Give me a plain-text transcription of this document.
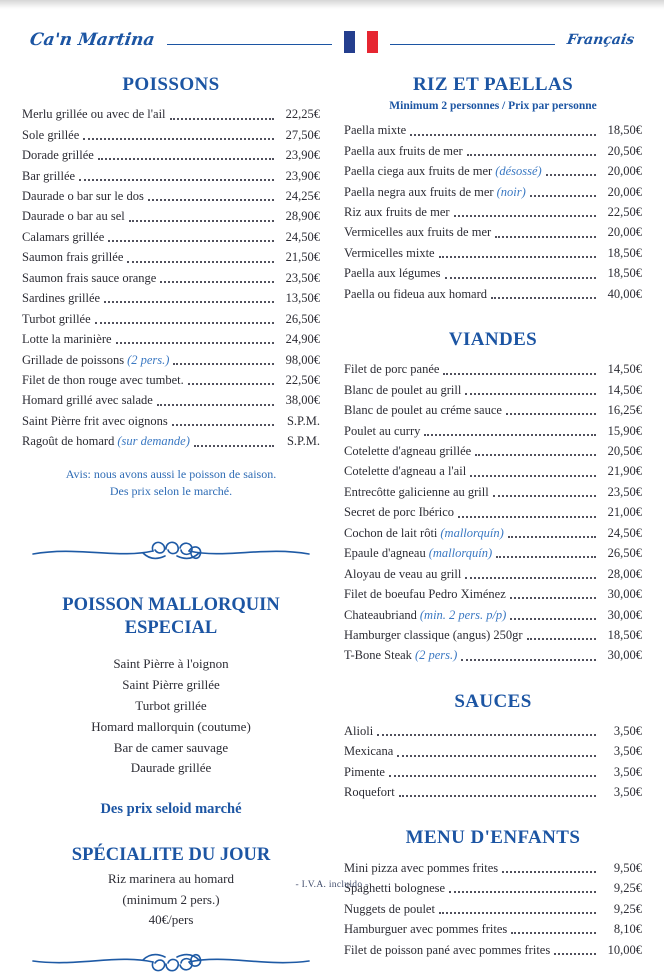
Ca'n Martina	Français
POISSONS
Merlu grillée ou avec de l'ail	22,25€
Sole grillée	27,50€
Dorade grillée	23,90€
Bar grillée	23,90€
Daurade o bar sur le dos	24,25€
Daurade o bar au sel	28,90€
Calamars grillée	24,50€
Saumon frais grillée	21,50€
Saumon frais sauce orange	23,50€
Sardines grillée	13,50€
Turbot grillée	26,50€
Lotte la marinière	24,90€
Grillade de poissons (2 pers.)	98,00€
Filet de thon rouge avec tumbet.	22,50€
Homard grillé avec salade	38,00€
Saint Pièrre frit avec oignons	S.P.M.
Ragoût de homard (sur demande)	S.P.M.
Avis: nous avons aussi le poisson de saison.
Des prix selon le marché.
POISSON MALLORQUIN
ESPECIAL
Saint Pièrre à l'oignon
Saint Pièrre grillée
Turbot grillée
Homard mallorquin (coutume)
Bar de camer sauvage
Daurade grillée
Des prix seloid marché
SPÉCIALITE DU JOUR
Riz marinera au homard
(minimum 2 pers.)
40€/pers
RIZ ET PAELLAS
Minimum 2 personnes / Prix par personne
Paella mixte	18,50€
Paella aux fruits de mer	20,50€
Paella ciega aux fruits de mer (désossé)	20,00€
Paella negra aux fruits de mer (noir)	20,00€
Riz aux fruits de mer	22,50€
Vermicelles aux fruits de mer	20,00€
Vermicelles mixte	18,50€
Paella aux légumes	18,50€
Paella ou fideua aux homard	40,00€
VIANDES
Filet de porc panée	14,50€
Blanc de poulet au grill	14,50€
Blanc de poulet au créme sauce	16,25€
Poulet au curry	15,90€
Cotelette d'agneau grillée	20,50€
Cotelette d'agneau a l'ail	21,90€
Entrecôtte galicienne au grill	23,50€
Secret de porc Ibérico	21,00€
Cochon de lait rôti (mallorquín)	24,50€
Epaule d'agneau (mallorquín)	26,50€
Aloyau de veau au grill	28,00€
Filet de boeufau Pedro Ximénez	30,00€
Chateaubriand (min. 2 pers. p/p)	30,00€
Hamburger classique (angus) 250gr	18,50€
T-Bone Steak (2 pers.)	30,00€
SAUCES
Alioli	3,50€
Mexicana	3,50€
Pimente	3,50€
Roquefort	3,50€
MENU D'ENFANTS
Mini pizza avec pommes frites	9,50€
Spaghetti bolognese	9,25€
Nuggets de poulet	9,25€
Hamburguer avec pommes frites	8,10€
Filet de poisson pané avec pommes frites	10,00€
- I.V.A. incluido -
